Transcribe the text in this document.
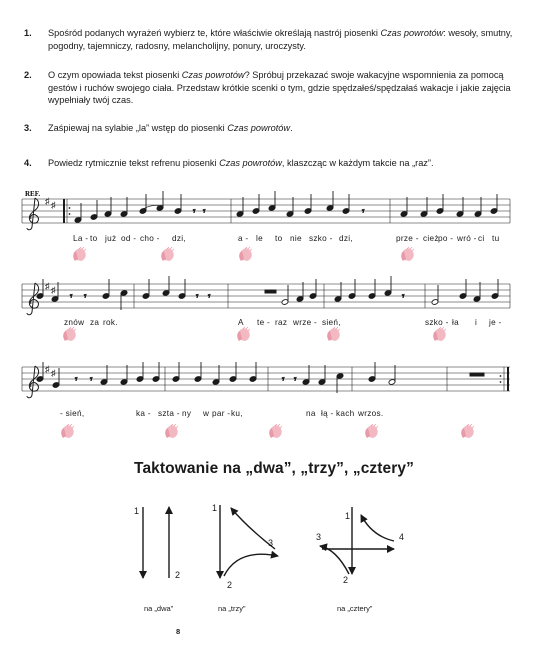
1. Spośród podanych wyrażeń wybierz te, które właściwie określają nastrój piosenki Czas powrotów: wesoły, smutny, pogodny, tajemniczy, radosny, melancholijny, ponury, uroczysty.
2. O czym opowiada tekst piosenki Czas powrotów? Spróbuj przekazać swoje wakacyjne wspomnienia za pomocą gestów i ruchów swojego ciała. Przedstaw krótkie scenki o tym, gdzie spędzałeś/spędzałaś wakacje i jakie zajęcia wypełniały twój czas.
3. Zaśpiewaj na sylabie „la” wstęp do piosenki Czas powrotów.
4. Powiedz rytmicznie tekst refrenu piosenki Czas powrotów, klaszcząc w każdym takcie na „raz”.
REF.
♯ ♯
♯ ♯
♯ ♯
𝄾 𝄾	𝄾
𝄾 𝄾	𝄾 𝄾	𝄾
𝄾 𝄾	𝄾 𝄾
La - to już od - cho - dzi,	a - le to nie szko - dzi,	prze - cież po - wró - ci tu
znów za rok.	A te - raz wrze - sień,	szko - ła i je -
- sień,	ka - szta - ny w par - ku,	na łą - kach wrzos.
Taktowanie na „dwa”, „trzy”, „cztery”
1
2
1
2
3
1
2
3	4
na „dwa”	na „trzy”	na „cztery”
8
